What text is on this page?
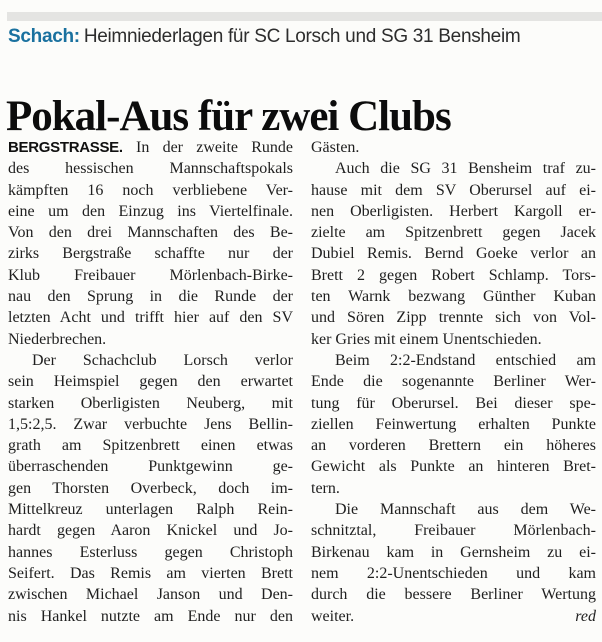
Schach: Heimniederlagen für SC Lorsch und SG 31 Bensheim
Pokal-Aus für zwei Clubs
BERGSTRASSE. In der zweite Runde
des hessischen Mannschaftspokals
kämpften 16 noch verbliebene Ver-
eine um den Einzug ins Viertelfinale.
Von den drei Mannschaften des Be-
zirks Bergstraße schaffte nur der
Klub Freibauer Mörlenbach-Birke-
nau den Sprung in die Runde der
letzten Acht und trifft hier auf den SV
Niederbrechen.
Der Schachclub Lorsch verlor
sein Heimspiel gegen den erwartet
starken Oberligisten Neuberg, mit
1,5:2,5. Zwar verbuchte Jens Bellin-
grath am Spitzenbrett einen etwas
überraschenden Punktgewinn ge-
gen Thorsten Overbeck, doch im-
Mittelkreuz unterlagen Ralph Rein-
hardt gegen Aaron Knickel und Jo-
hannes Esterluss gegen Christoph
Seifert. Das Remis am vierten Brett
zwischen Michael Janson und Den-
nis Hankel nutzte am Ende nur den
Gästen.
Auch die SG 31 Bensheim traf zu-
hause mit dem SV Oberursel auf ei-
nen Oberligisten. Herbert Kargoll er-
zielte am Spitzenbrett gegen Jacek
Dubiel Remis. Bernd Goeke verlor an
Brett 2 gegen Robert Schlamp. Tors-
ten Warnk bezwang Günther Kuban
und Sören Zipp trennte sich von Vol-
ker Gries mit einem Unentschieden.
Beim 2:2-Endstand entschied am
Ende die sogenannte Berliner Wer-
tung für Oberursel. Bei dieser spe-
ziellen Feinwertung erhalten Punkte
an vorderen Brettern ein höheres
Gewicht als Punkte an hinteren Bret-
tern.
Die Mannschaft aus dem We-
schnitztal, Freibauer Mörlenbach-
Birkenau kam in Gernsheim zu ei-
nem 2:2-Unentschieden und kam
durch die bessere Berliner Wertung
weiter.	red
